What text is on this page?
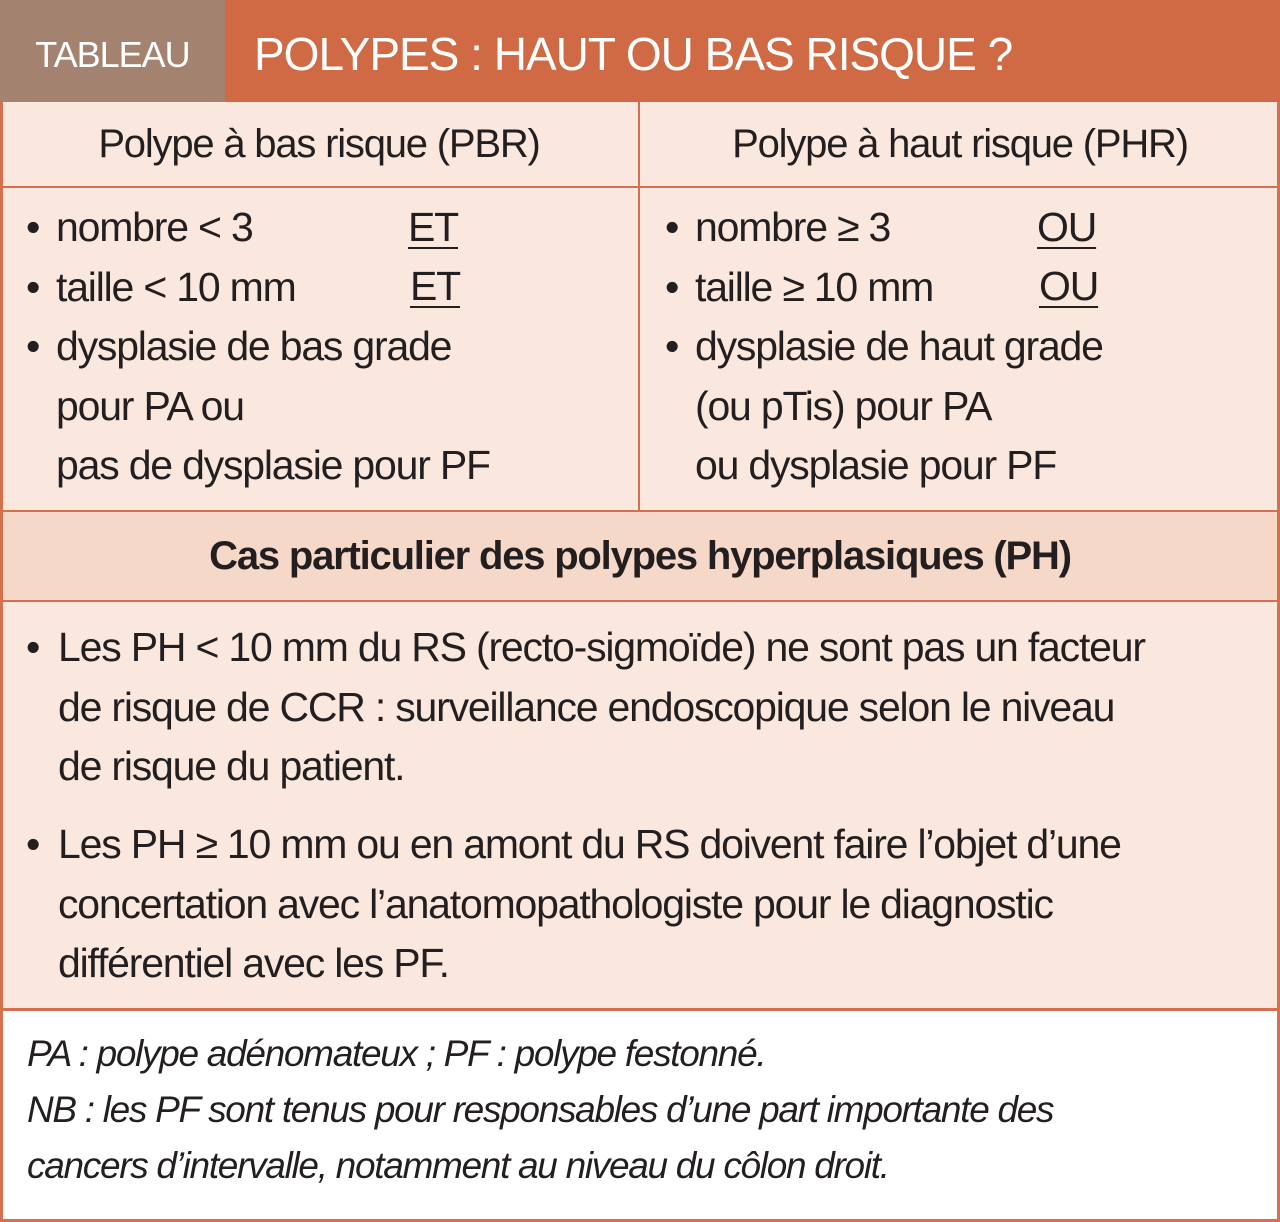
TABLEAU	POLYPES : HAUT OU BAS RISQUE ?
Polype à bas risque (PBR)	Polype à haut risque (PHR)
• nombre < 3
• taille < 10 mm
• dysplasie de bas grade
pour PA ou
pas de dysplasie pour PF
ET
ET
• nombre ≥ 3
• taille ≥ 10 mm
• dysplasie de haut grade
(ou pTis) pour PA
ou dysplasie pour PF
OU
OU
Cas particulier des polypes hyperplasiques (PH)
• Les PH < 10 mm du RS (recto-sigmoïde) ne sont pas un facteur
de risque de CCR : surveillance endoscopique selon le niveau
de risque du patient.
• Les PH ≥ 10 mm ou en amont du RS doivent faire l’objet d’une
concertation avec l’anatomopathologiste pour le diagnostic
différentiel avec les PF.
PA : polype adénomateux ; PF : polype festonné.
NB : les PF sont tenus pour responsables d’une part importante des
cancers d’intervalle, notamment au niveau du côlon droit.
